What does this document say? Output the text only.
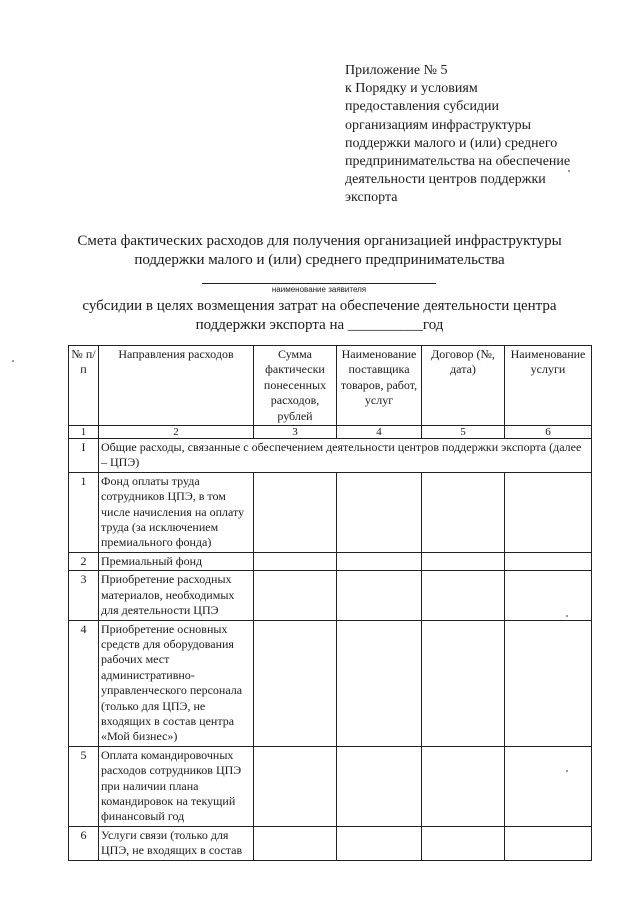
Приложение № 5
к Порядку и условиям
предоставления субсидии
организациям инфраструктуры
поддержки малого и (или) среднего
предпринимательства на обеспечение
деятельности центров поддержки
экспорта
Смета фактических расходов для получения организацией инфраструктуры
поддержки малого и (или) среднего предпринимательства
наименование заявителя
субсидии в целях возмещения затрат на обеспечение деятельности центра
поддержки экспорта на __________год
№ п/п	Направления расходов	Сумма фактически понесенных расходов, рублей	Наименование поставщика товаров, работ, услуг	Договор (№, дата)	Наименование услуги
1	2	3	4	5	6
I	Общие расходы, связанные с обеспечением деятельности центров поддержки экспорта (далее – ЦПЭ)				
1	Фонд оплаты труда сотрудников ЦПЭ, в том числе начисления на оплату труда (за исключением премиального фонда)				
2	Премиальный фонд				
3	Приобретение расходных материалов, необходимых для деятельности ЦПЭ				
4	Приобретение основных средств для оборудования рабочих мест административно-управленческого персонала (только для ЦПЭ, не входящих в состав центра «Мой бизнес»)				
5	Оплата командировочных расходов сотрудников ЦПЭ при наличии плана командировок на текущий финансовый год				
6	Услуги связи (только для ЦПЭ, не входящих в состав				
